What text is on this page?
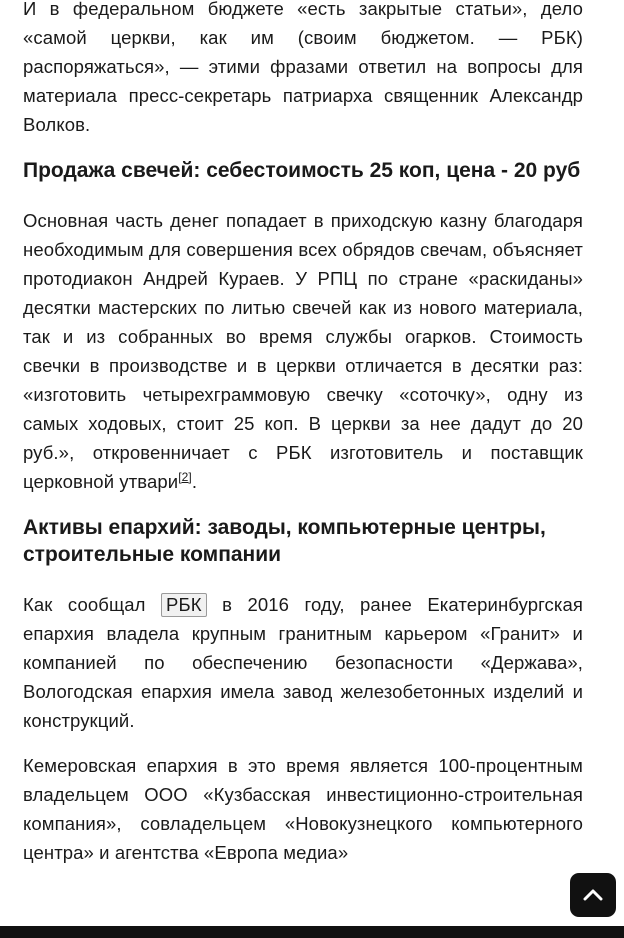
И в федеральном бюджете «есть закрытые статьи», дело «самой церкви, как им (своим бюджетом. — РБК) распоряжаться», — этими фразами ответил на вопросы для материала пресс-секретарь патриарха священник Александр Волков.

Продажа свечей: себестоимость 25 коп, цена - 20 руб

Основная часть денег попадает в приходскую казну благодаря необходимым для совершения всех обрядов свечам, объясняет протодиакон Андрей Кураев. У РПЦ по стране «раскиданы» десятки мастерских по литью свечей как из нового материала, так и из собранных во время службы огарков. Стоимость свечки в производстве и в церкви отличается в десятки раз: «изготовить четырехграммовую свечку «соточку», одну из самых ходовых, стоит 25 коп. В церкви за нее дадут до 20 руб.», откровенничает с РБК изготовитель и поставщик церковной утвари[2].

Активы епархий: заводы, компьютерные центры, строительные компании

Как сообщал РБК в 2016 году, ранее Екатеринбургская епархия владела крупным гранитным карьером «Гранит» и компанией по обеспечению безопасности «Держава», Вологодская епархия имела завод железобетонных изделий и конструкций.

Кемеровская епархия в это время является 100-процентным владельцем ООО «Кузбасская инвестиционно-строительная компания», совладельцем «Новокузнецкого компьютерного центра» и агентства «Европа медиа»
